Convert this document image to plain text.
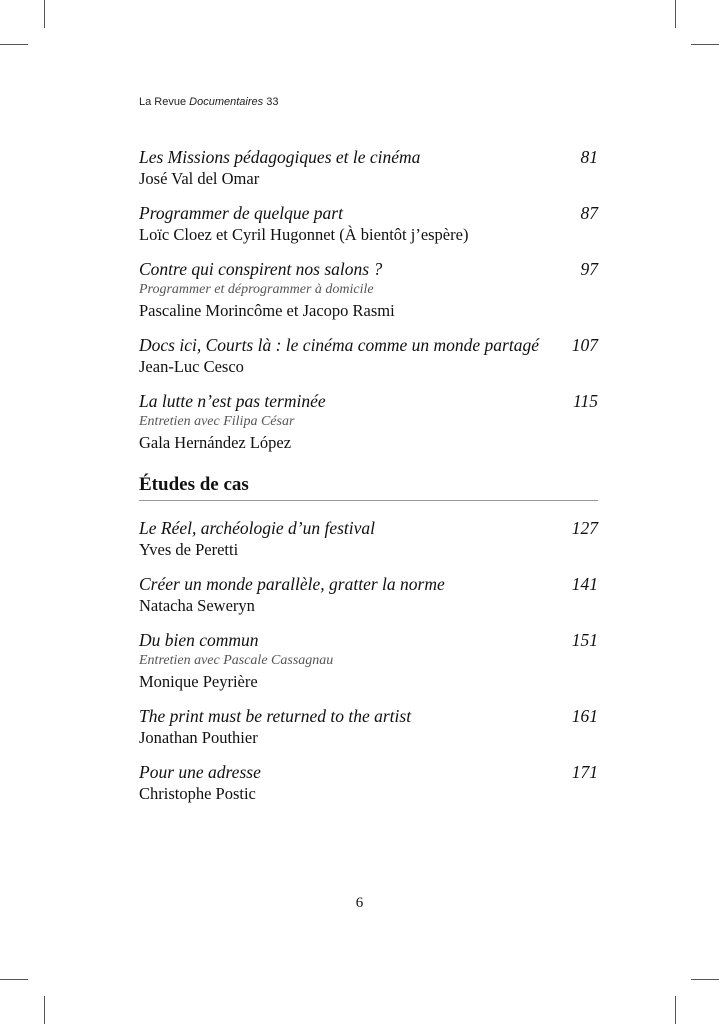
La Revue Documentaires 33
Les Missions pédagogiques et le cinéma	81
José Val del Omar
Programmer de quelque part	87
Loïc Cloez et Cyril Hugonnet (À bientôt j’espère)
Contre qui conspirent nos salons ?	97
Programmer et déprogrammer à domicile
Pascaline Morincôme et Jacopo Rasmi
Docs ici, Courts là : le cinéma comme un monde partagé	107
Jean-Luc Cesco
La lutte n’est pas terminée	115
Entretien avec Filipa César
Gala Hernández López
Études de cas
Le Réel, archéologie d’un festival	127
Yves de Peretti
Créer un monde parallèle, gratter la norme	141
Natacha Seweryn
Du bien commun	151
Entretien avec Pascale Cassagnau
Monique Peyrière
The print must be returned to the artist	161
Jonathan Pouthier
Pour une adresse	171
Christophe Postic
6
